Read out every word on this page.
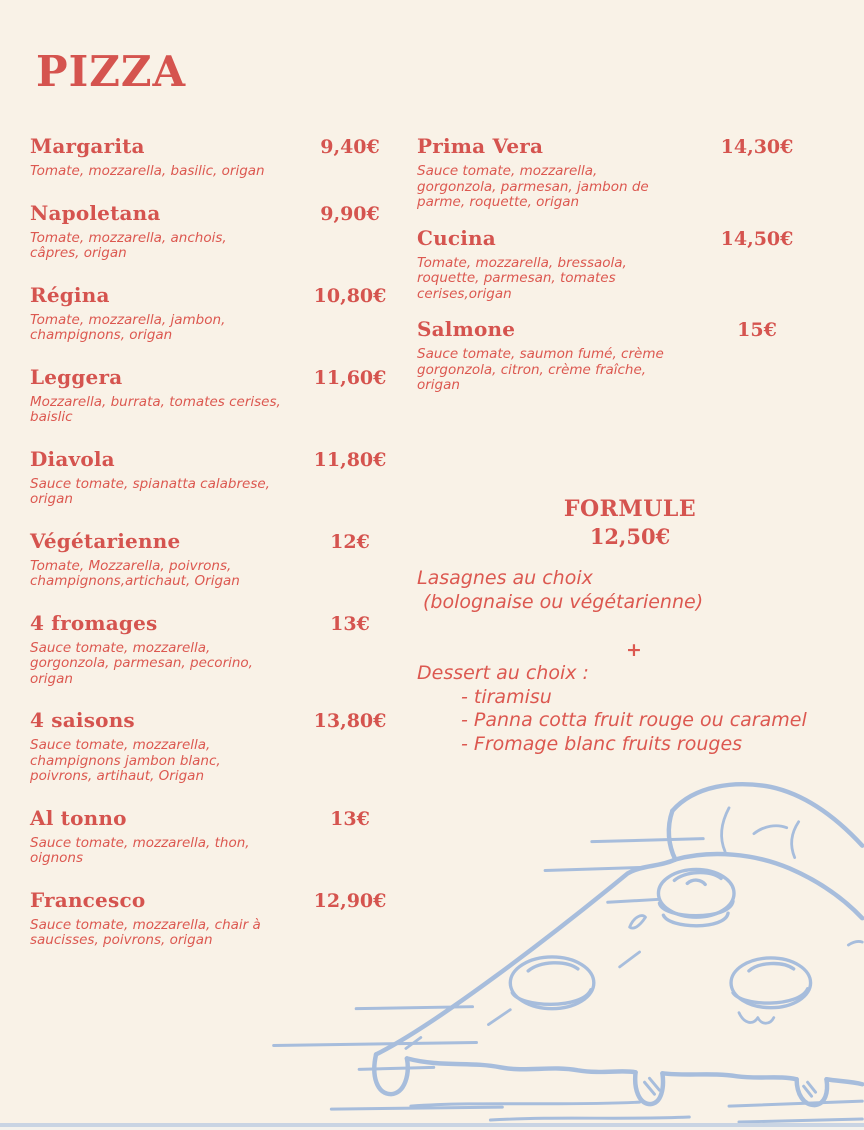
PIZZA
Margarita	9,40€
Tomate, mozzarella, basilic, origan
Napoletana	9,90€
Tomate, mozzarella, anchois,
câpres, origan
Régina	10,80€
Tomate, mozzarella, jambon,
champignons, origan
Leggera	11,60€
Mozzarella, burrata, tomates cerises,
baislic
Diavola	11,80€
Sauce tomate, spianatta calabrese,
origan
Végétarienne	12€
Tomate, Mozzarella, poivrons,
champignons,artichaut, Origan
4 fromages	13€
Sauce tomate, mozzarella,
gorgonzola, parmesan, pecorino,
origan
4 saisons	13,80€
Sauce tomate, mozzarella,
champignons jambon blanc,
poivrons, artihaut, Origan
Al tonno	13€
Sauce tomate, mozzarella, thon,
oignons
Francesco	12,90€
Sauce tomate, mozzarella, chair à
saucisses, poivrons, origan
Prima Vera	14,30€
Sauce tomate, mozzarella,
gorgonzola, parmesan, jambon de
parme, roquette, origan
Cucina	14,50€
Tomate, mozzarella, bressaola,
roquette, parmesan, tomates
cerises,origan
Salmone	15€
Sauce tomate, saumon fumé, crème
gorgonzola, citron, crème fraîche,
origan
FORMULE
12,50€
Lasagnes au choix
(bolognaise ou végétarienne)
+
Dessert au choix :
- tiramisu
- Panna cotta fruit rouge ou caramel
- Fromage blanc fruits rouges
